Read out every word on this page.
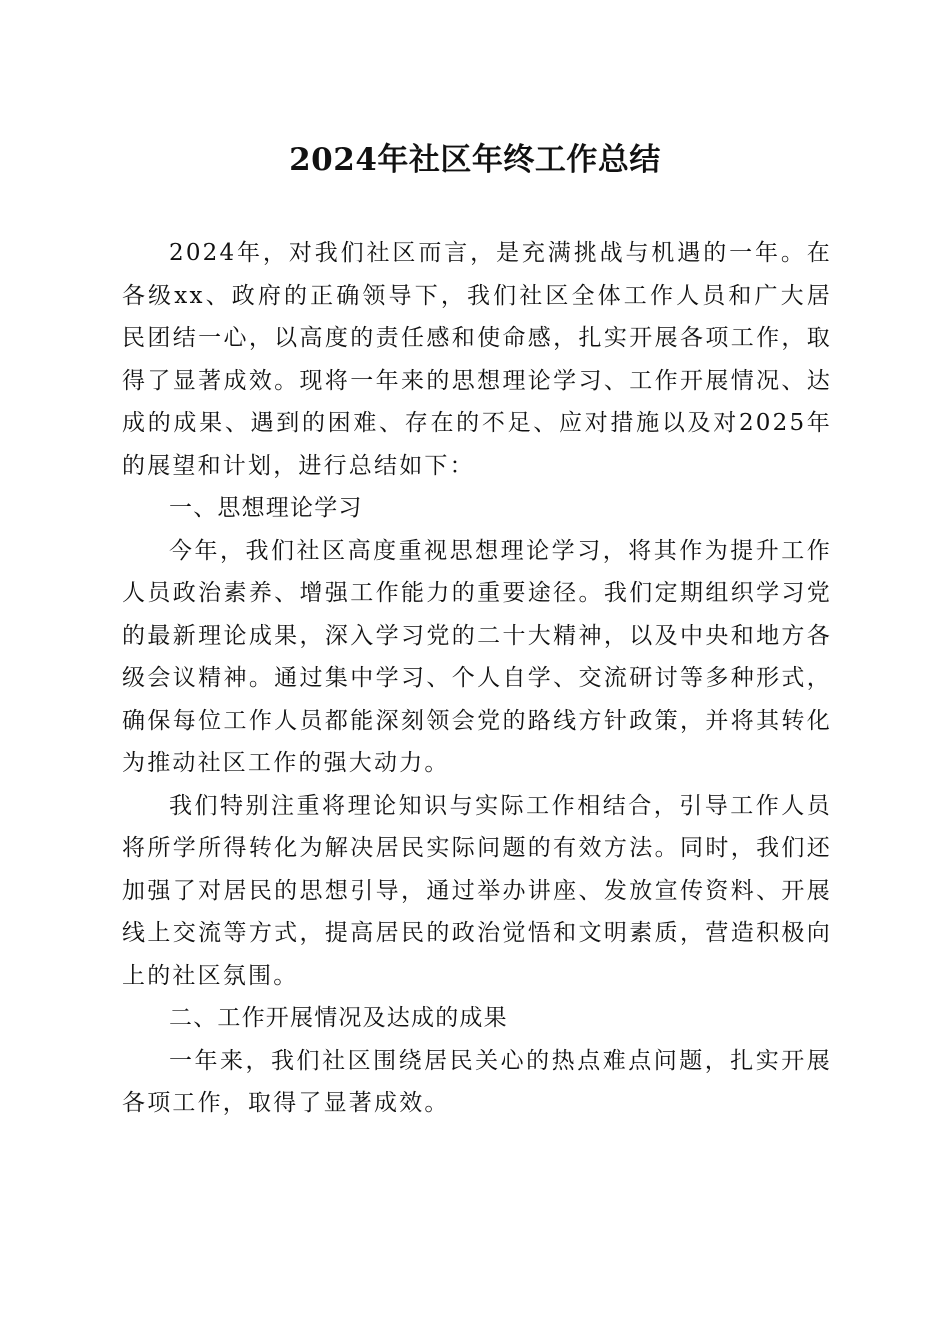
2024年社区年终工作总结

2024年，对我们社区而言，是充满挑战与机遇的一年。在各级xx、政府的正确领导下，我们社区全体工作人员和广大居民团结一心，以高度的责任感和使命感，扎实开展各项工作，取得了显著成效。现将一年来的思想理论学习、工作开展情况、达成的成果、遇到的困难、存在的不足、应对措施以及对2025年的展望和计划，进行总结如下：

一、思想理论学习

今年，我们社区高度重视思想理论学习，将其作为提升工作人员政治素养、增强工作能力的重要途径。我们定期组织学习党的最新理论成果，深入学习党的二十大精神，以及中央和地方各级会议精神。通过集中学习、个人自学、交流研讨等多种形式，确保每位工作人员都能深刻领会党的路线方针政策，并将其转化为推动社区工作的强大动力。

我们特别注重将理论知识与实际工作相结合，引导工作人员将所学所得转化为解决居民实际问题的有效方法。同时，我们还加强了对居民的思想引导，通过举办讲座、发放宣传资料、开展线上交流等方式，提高居民的政治觉悟和文明素质，营造积极向上的社区氛围。

二、工作开展情况及达成的成果

一年来，我们社区围绕居民关心的热点难点问题，扎实开展各项工作，取得了显著成效。
